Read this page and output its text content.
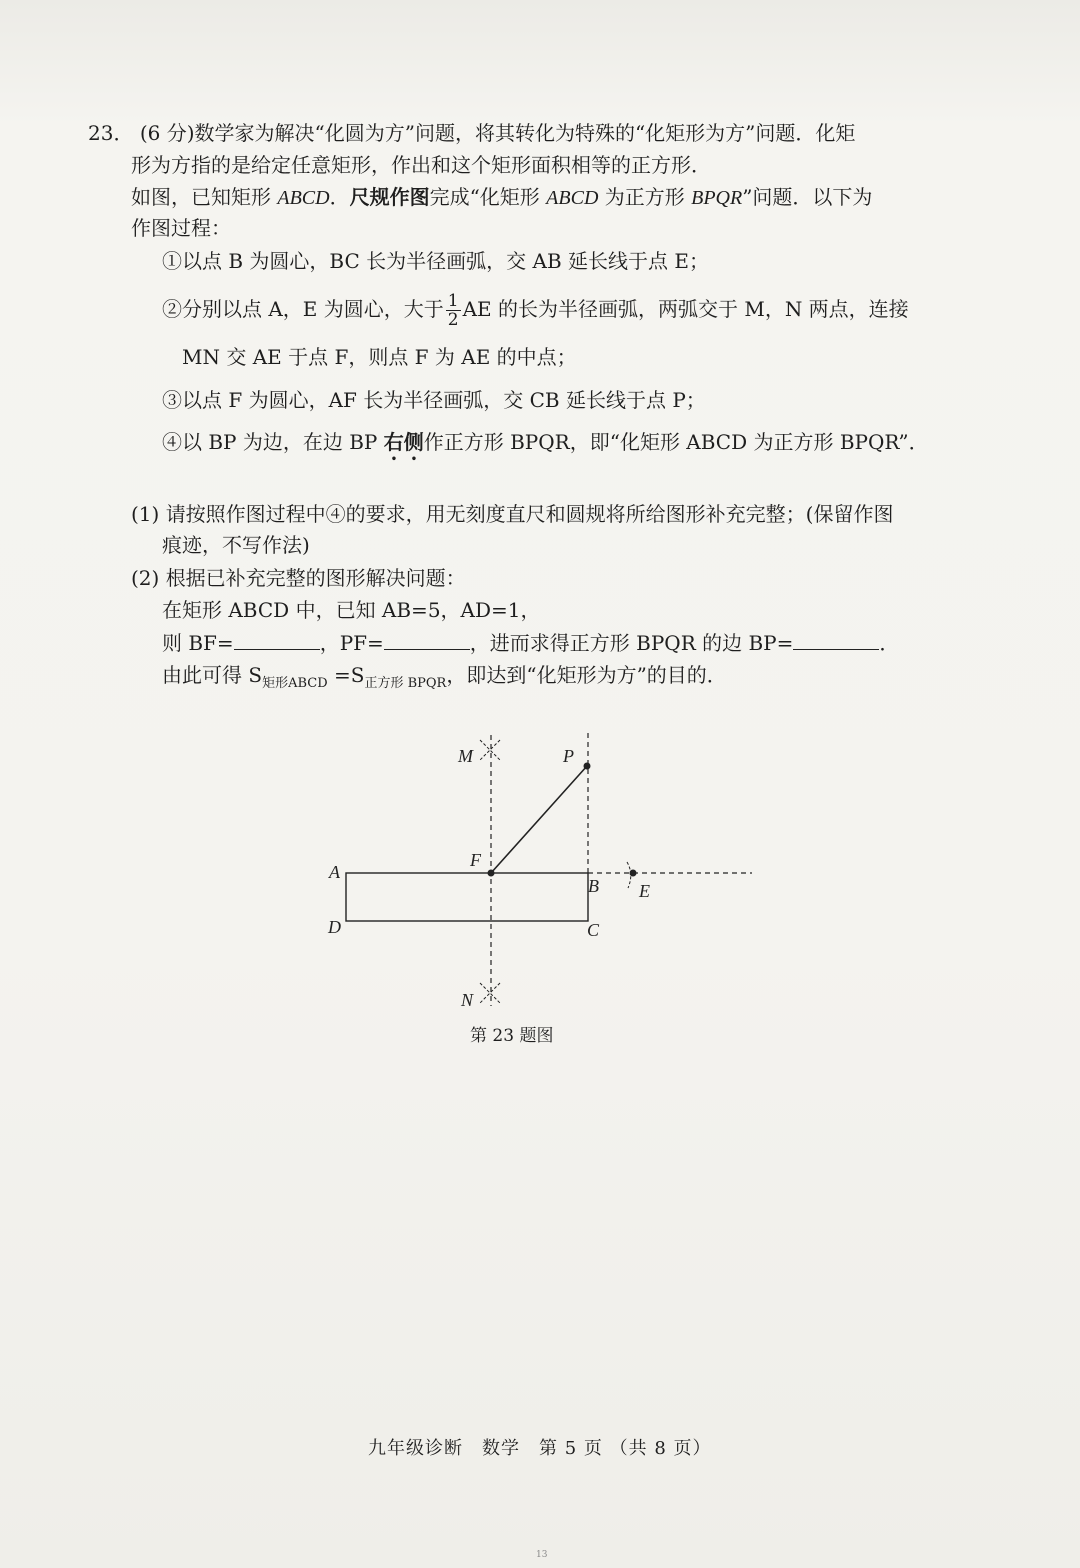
23． (6 分)数学家为解决“化圆为方”问题，将其转化为特殊的“化矩形为方”问题．化矩
形为方指的是给定任意矩形，作出和这个矩形面积相等的正方形．
如图，已知矩形 ABCD．尺规作图完成“化矩形 ABCD 为正方形 BPQR”问题．以下为
作图过程：
①以点 B 为圆心，BC 长为半径画弧，交 AB 延长线于点 E；
②分别以点 A，E 为圆心，大于 $\frac{1}{2}$ AE 的长为半径画弧，两弧交于 M，N 两点，连接
MN 交 AE 于点 F，则点 F 为 AE 的中点；
③以点 F 为圆心，AF 长为半径画弧，交 CB 延长线于点 P；
④以 BP 为边，在边 BP 右侧作正方形 BPQR，即“化矩形 ABCD 为正方形 BPQR”．
(1) 请按照作图过程中④的要求，用无刻度直尺和圆规将所给图形补充完整；(保留作图
痕迹，不写作法)
(2) 根据已补充完整的图形解决问题：
在矩形 ABCD 中，已知 AB=5，AD=1，
则 BF=	，PF=	，进而求得正方形 BPQR 的边 BP=	．
由此可得 $S_{矩形ABCD} =S_{正方形 BPQR}$，即达到“化矩形为方”的目的．
M	P
F
A
B E
D	C
N
第 23 题图
九年级诊断　数学　第 5 页 （共 8 页）
13
